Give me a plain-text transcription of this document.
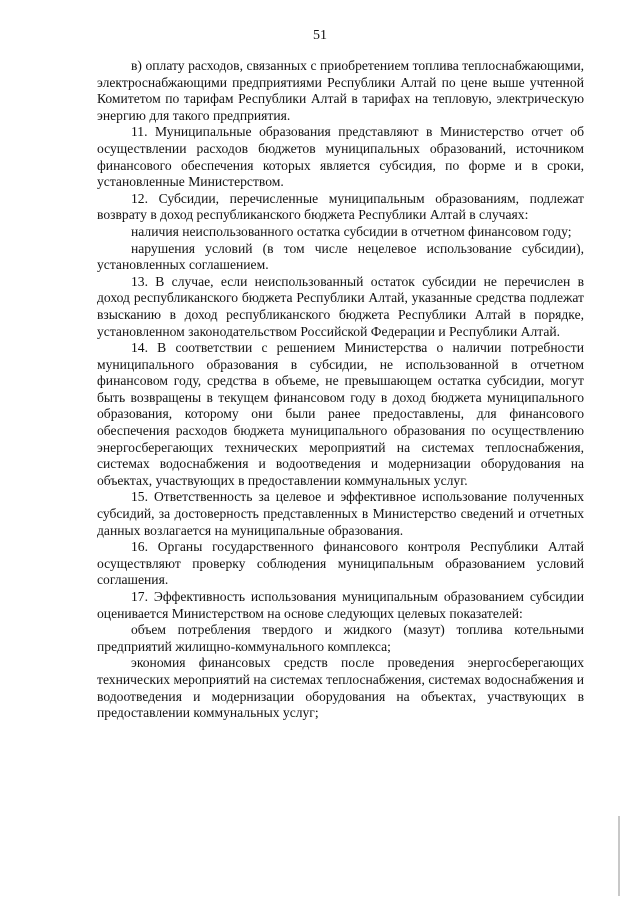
51

в) оплату расходов, связанных с приобретением топлива теплоснабжающими, электроснабжающими предприятиями Республики Алтай по цене выше учтенной Комитетом по тарифам Республики Алтай в тарифах на тепловую, электрическую энергию для такого предприятия.

11. Муниципальные образования представляют в Министерство отчет об осуществлении расходов бюджетов муниципальных образований, источником финансового обеспечения которых является субсидия, по форме и в сроки, установленные Министерством.

12. Субсидии, перечисленные муниципальным образованиям, подлежат возврату в доход республиканского бюджета Республики Алтай в случаях:

наличия неиспользованного остатка субсидии в отчетном финансовом году;

нарушения условий (в том числе нецелевое использование субсидии), установленных соглашением.

13. В случае, если неиспользованный остаток субсидии не перечислен в доход республиканского бюджета Республики Алтай, указанные средства подлежат взысканию в доход республиканского бюджета Республики Алтай в порядке, установленном законодательством Российской Федерации и Республики Алтай.

14. В соответствии с решением Министерства о наличии потребности муниципального образования в субсидии, не использованной в отчетном финансовом году, средства в объеме, не превышающем остатка субсидии, могут быть возвращены в текущем финансовом году в доход бюджета муниципального образования, которому они были ранее предоставлены, для финансового обеспечения расходов бюджета муниципального образования по осуществлению энергосберегающих технических мероприятий на системах теплоснабжения, системах водоснабжения и водоотведения и модернизации оборудования на объектах, участвующих в предоставлении коммунальных услуг.

15. Ответственность за целевое и эффективное использование полученных субсидий, за достоверность представленных в Министерство сведений и отчетных данных возлагается на муниципальные образования.

16. Органы государственного финансового контроля Республики Алтай осуществляют проверку соблюдения муниципальным образованием условий соглашения.

17. Эффективность использования муниципальным образованием субсидии оценивается Министерством на основе следующих целевых показателей:

объем потребления твердого и жидкого (мазут) топлива котельными предприятий жилищно-коммунального комплекса;

экономия финансовых средств после проведения энергосберегающих технических мероприятий на системах теплоснабжения, системах водоснабжения и водоотведения и модернизации оборудования на объектах, участвующих в предоставлении коммунальных услуг;
